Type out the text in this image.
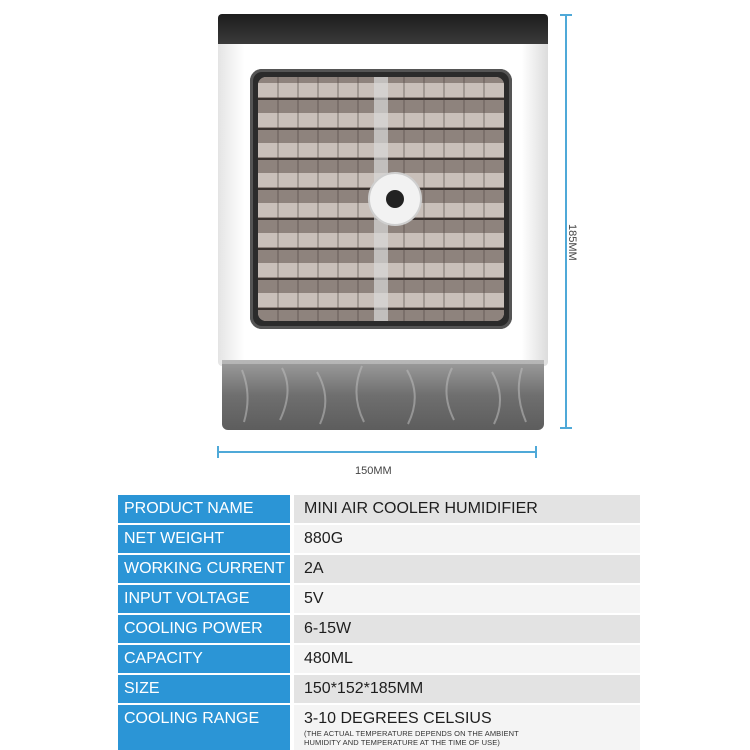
185MM
150MM
PRODUCT NAME	MINI AIR COOLER HUMIDIFIER
NET WEIGHT	880G
WORKING CURRENT	2A
INPUT VOLTAGE	5V
COOLING POWER	6-15W
CAPACITY	480ML
SIZE	150*152*185MM
COOLING RANGE	3-10 DEGREES CELSIUS
(THE ACTUAL TEMPERATURE DEPENDS ON THE AMBIENT
HUMIDITY AND TEMPERATURE AT THE TIME OF USE)
